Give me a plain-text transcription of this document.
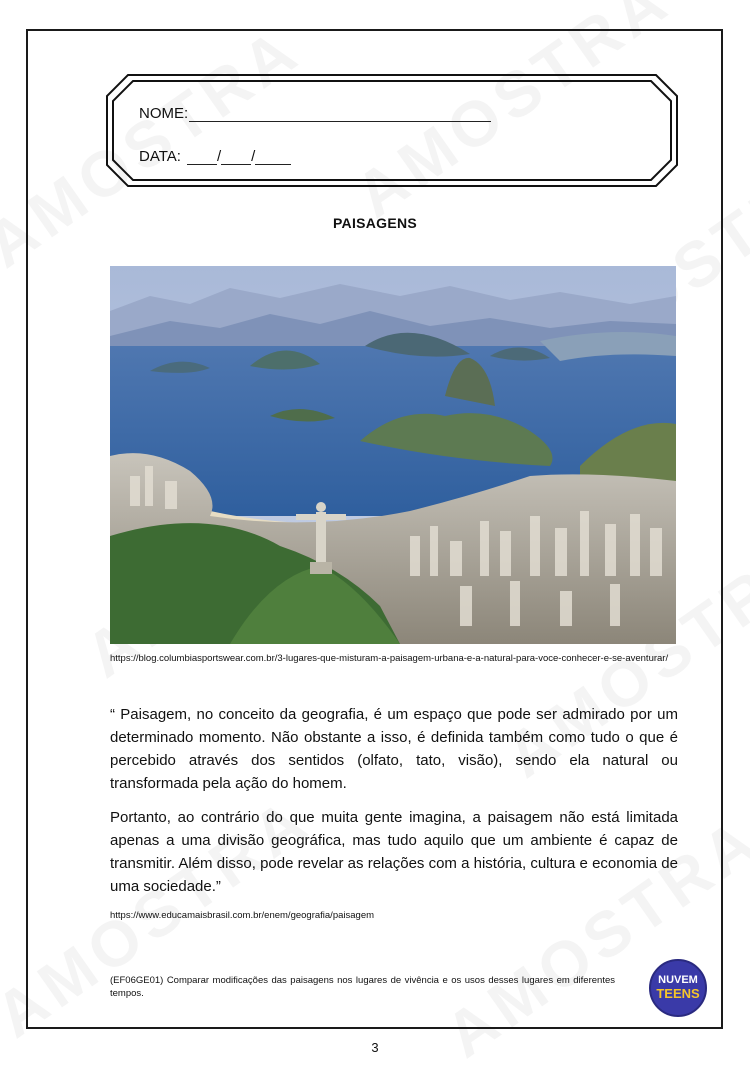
NOME:
DATA: / /
PAISAGENS
https://blog.columbiasportswear.com.br/3-lugares-que-misturam-a-paisagem-urbana-e-a-natural-para-voce-conhecer-e-se-aventurar/

“ Paisagem, no conceito da geografia, é um espaço que pode ser admirado por um determinado momento. Não obstante a isso, é definida também como tudo o que é percebido através dos sentidos (olfato, tato, visão), sendo ela natural ou transformada pela ação do homem.

Portanto, ao contrário do que muita gente imagina, a paisagem não está limitada apenas a uma divisão geográfica, mas tudo aquilo que um ambiente é capaz de transmitir. Além disso, pode revelar as relações com a história, cultura e economia de uma sociedade.”

https://www.educamaisbrasil.com.br/enem/geografia/paisagem
(EF06GE01) Comparar modificações das paisagens nos lugares de vivência e os usos desses lugares em diferentes tempos.
NUVEM
TEENS
3
